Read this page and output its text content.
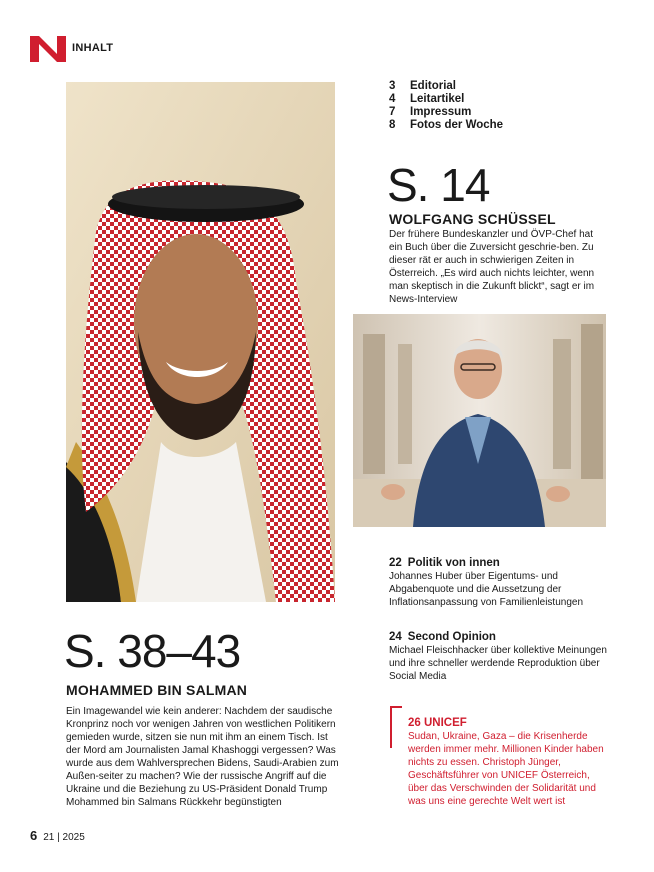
INHALT
3	Editorial
4	Leitartikel
7	Impressum
8	Fotos der Woche
S. 14
WOLFGANG SCHÜSSEL
Der frühere Bundeskanzler und ÖVP-Chef hat ein Buch über die Zuversicht geschrie-ben. Zu dieser rät er auch in schwierigen Zeiten in Österreich. „Es wird auch nichts leichter, wenn man skeptisch in die Zukunft blickt“, sagt er im News-Interview
S. 38–43
MOHAMMED BIN SALMAN
Ein Imagewandel wie kein anderer: Nachdem der saudische Kronprinz noch vor wenigen Jahren von westlichen Politikern gemieden wurde, sitzen sie nun mit ihm an einem Tisch. Ist der Mord am Journalisten Jamal Khashoggi vergessen? Was wurde aus dem Wahlversprechen Bidens, Saudi-Arabien zum Außen-seiter zu machen? Wie der russische Angriff auf die Ukraine und die Beziehung zu US-Präsident Donald Trump Mohammed bin Salmans Rückkehr begünstigten
22 Politik von innen
Johannes Huber über Eigentums- und Abgabenquote und die Aussetzung der Inflationsanpassung von Familienleistungen
24 Second Opinion
Michael Fleischhacker über kollektive Meinungen und ihre schneller werdende Reproduktion über Social Media
26 UNICEF
Sudan, Ukraine, Gaza – die Krisenherde werden immer mehr. Millionen Kinder haben nichts zu essen. Christoph Jünger, Geschäftsführer von UNICEF Österreich, über das Verschwinden der Solidarität und was uns eine gerechte Welt wert ist
6 21 | 2025
